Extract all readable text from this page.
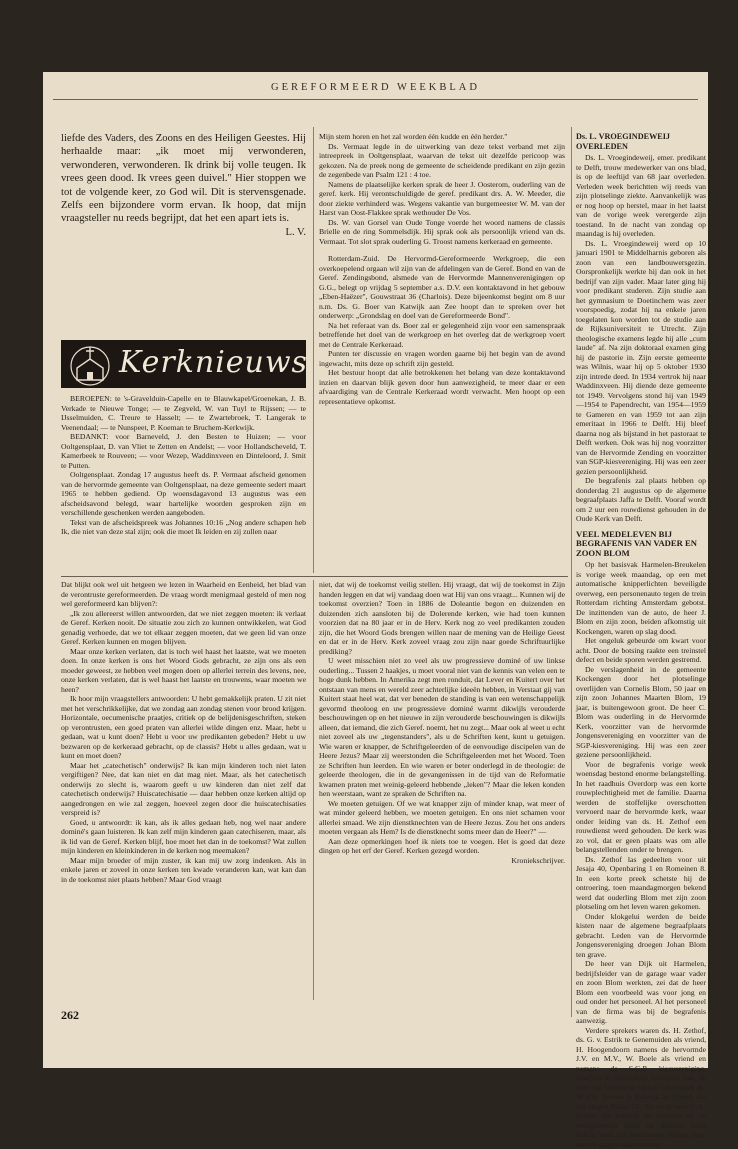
GEREFORMEERD WEEKBLAD

liefde des Vaders, des Zoons en des Heiligen Geestes. Hij herhaalde maar: „ik moet mij verwonderen, verwonderen, verwonderen. Ik drink bij volle teugen. Ik vrees geen dood. Ik vrees geen duivel." Hier stoppen we tot de volgende keer, zo God wil. Dit is stervensgenade. Zelfs een bijzondere vorm ervan. Ik hoop, dat mijn vraagsteller nu reeds begrijpt, dat het een apart iets is.

L. V.

Kerknieuws

BEROEPEN: te 's-Gravelduin-Capelle en te Blauwkapel/Groenekan, J. B. Verkade te Nieuwe Tonge; — te Zegveld, W. van Tuyl te Rijssen; — te IJsselmuiden, C. Treure te Hasselt; — te Zwartebroek, T. Langerak te Veenendaal; — te Nunspeet, P. Koeman te Bruchem-Kerkwijk.

BEDANKT: voor Barneveld, J. den Besten te Huizen; — voor Ooltgensplaat, D. van Vliet te Zetten en Andelst; — voor Hollandscheveld, T. Kamerbeek te Rouveen; — voor Wezep, Waddinxveen en Dinteloord, J. Smit te Putten.

Ooltgensplaat. Zondag 17 augustus heeft ds. P. Vermaat afscheid genomen van de hervormde gemeente van Ooltgensplaat, na deze gemeente sedert maart 1965 te hebben gediend. Op woensdagavond 13 augustus was een afscheidsavond belegd, waar hartelijke woorden gesproken zijn en verschillende geschenken werden aangeboden.

Tekst van de afscheidspreek was Johannes 10:16 „Nog andere schapen heb Ik, die niet van deze stal zijn; ook die moet Ik leiden en zij zullen naar

Mijn stem horen en het zal worden één kudde en één herder."

Ds. Vermaat legde in de uitwerking van deze tekst verband met zijn intreepreek in Ooltgensplaat, waarvan de tekst uit dezelfde pericoop was gekozen. Na de preek nong de gemeente de scheidende predikant en zijn gezin de zegenbede van Psalm 121 : 4 toe.

Namens de plaatselijke kerken sprak de heer J. Oosterom, ouderling van de geref. kerk. Hij verontschuldigde de geref. predikant drs. A. W. Meeder, die door ziekte verhinderd was. Wegens vakantie van burgemeester W. M. van der Harst van Oost-Flakkee sprak wethouder De Vos.

Ds. W. van Gorsel van Oude Tonge voerde het woord namens de classis Brielle en de ring Sommelsdijk. Hij sprak ook als persoonlijk vriend van ds. Vermaat. Tot slot sprak ouderling G. Troost namens kerkeraad en gemeente.

Rotterdam-Zuid. De Hervormd-Gereformeerde Werkgroep, die een overkoepelend orgaan wil zijn van de afdelingen van de Geref. Bond en van de Geref. Zendingsbond, alsmede van de Hervormde Mannenverenigingen op G.G., belegt op vrijdag 5 september a.s. D.V. een kontaktavond in het gebouw „Eben-Haëzer", Gouwstraat 36 (Charlois). Deze bijeenkomst begint om 8 uur n.m. Ds. G. Boer van Katwijk aan Zee hoopt dan te spreken over het onderwerp: „Grondslag en doel van de Gereformeerde Bond".

Na het referaat van ds. Boer zal er gelegenheid zijn voor een samenspraak betreffende het doel van de werkgroep en het overleg dat de werkgroep voert met de Centrale Kerkeraad.

Punten ter discussie en vragen worden gaarne bij het begin van de avond ingewacht, mits deze op schrift zijn gesteld.

Het bestuur hoopt dat alle betrokkenen het belang van deze kontaktavond inzien en daarvan blijk geven door hun aanwezigheid, te meer daar er een afvaardiging van de Centrale Kerkeraad wordt verwacht. Men hoopt op een representatieve opkomst.

Ds. L. VROEGINDEWEIJ OVERLEDEN

Ds. L. Vroegindeweij, emer. predikant te Delft, trouw medewerker van ons blad, is op de leeftijd van 68 jaar overleden. Verleden week berichtten wij reeds van zijn plotselinge ziekte. Aanvankelijk was er nog hoop op herstel, maar in het laatst van de vorige week verergerde zijn toestand. In de nacht van zondag op maandag is hij overleden.

Ds. L. Vroegindeweij werd op 10 januari 1901 te Middelharnis geboren als zoon van een landbouwersgezin. Oorspronkelijk werkte hij dan ook in het bedrijf van zijn vader. Maar later ging hij voor predikant studeren. Zijn studie aan het gymnasium te Doetinchem was zeer voorspoedig, zodat hij na enkele jaren toegelaten kon worden tot de studie aan de Rijksuniversiteit te Utrecht. Zijn theologische examens legde hij alle „cum laude" af. Na zijn doktoraal examen ging hij de pastorie in. Zijn eerste gemeente was Wilnis, waar hij op 5 oktober 1930 zijn intrede deed. In 1934 vertrok hij naar Waddinxveen. Hij diende deze gemeente tot 1949. Vervolgens stond hij van 1949—1954 te Papendrecht, van 1954—1959 te Gameren en van 1959 tot aan zijn emeritaat in 1966 te Delft. Hij bleef daarna nog als bijstand in het pastoraat te Delft werken. Ook was hij nog voorzitter van de Hervormde Zending en voorzitter van SGP-kiesvereniging. Hij was een zeer gezien persoonlijkheid.

De begrafenis zal plaats hebben op donderdag 21 augustus op de algemene begraafplaats Jaffa te Delft. Vooraf wordt om 2 uur een rouwdienst gehouden in de Oude Kerk van Delft.

VEEL MEDELEVEN BIJ BEGRAFENIS VAN VADER EN ZOON BLOM

Op het basisvak Harmelen-Breukelen is vorige week maandag, op een met automatische knipperlichten beveiligde overweg, een personenauto tegen de trein Rotterdam richting Amsterdam gebotst. De inzittenden van de auto, de heer J. Blom en zijn zoon, beiden afkomstig uit Kockengen, waren op slag dood.

Het ongeluk gebeurde om kwart voor acht. Door de botsing raakte een treinstel defect en beide sporen werden gestremd.

De verslagenheid in de gemeente Kockengen door het plotselinge overlijden van Cornelis Blom, 50 jaar en zijn zoon Johannes Maarten Blom, 19 jaar, is buitengewoon groot. De heer C. Blom was ouderling in de Hervormde Kerk, voorzitter van de hervormde Jongensvereniging en voorzitter van de SGP-kiesvereniging. Hij was een zeer geziene persoonlijkheid.

Voor de begrafenis vorige week woensdag bestond enorme belangstelling. In het raadhuis Overdorp was een korte rouwplechtigheid met de familie. Daarna werden de stoffelijke overschotten vervoerd naar de hervormde kerk, waar onder leiding van ds. H. Zethof een rouwdienst werd gehouden. De kerk was zo vol, dat er geen plaats was om alle belangstellenden onder te brengen.

Ds. Zethof las gedeelten voor uit Jesaja 40, Openbaring 1 en Romeinen 8. In een korte preek schetste hij de ontroering, toen maandagmorgen bekend werd dat ouderling Blom met zijn zoon plotseling om het leven waren gekomen.

Onder klokgelui werden de beide kisten naar de algemene begraafplaats gebracht. Leden van de Hervormde Jongensvereniging droegen Johan Blom ten grave.

De heer van Dijk uit Harmelen, bedrijfsleider van de garage waar vader en zoon Blom werkten, zei dat de heer Blom een voorbeeld was voor jong en oud onder het personeel. Al het personeel van de firma was bij de begrafenis aanwezig.

Verdere sprekers waren ds. H. Zethof, ds. G. v. Estrik te Genemuiden als vriend, H. Hoogendoorn namens de hervormde J.V. en M.V., W. Boele als vriend en namens de S.G.P. kiesvereniging, waarvan de overledene voorzitter was, de heer van Utrecht te Utrecht als vriend, ds. W. Chr. Hovius te Katwijk als vriend, die liet zingen Psalm 73 : 13, en de heer C. L. Koten, die namens de weduwe en de overgebleven zoon en dochter dank bracht voor het medeleven tijdens deze droeve dagen ondervonden.

Dat blijkt ook wel uit hetgeen we lezen in Waarheid en Eenheid, het blad van de verontruste gereformeerden. De vraag wordt menigmaal gesteld of men nog wel gereformeerd kan blijven?:

„Ik zou allereerst willen antwoorden, dat we niet zeggen moeten: ik verlaat de Geref. Kerken nooit. De situatie zou zich zo kunnen ontwikkelen, wat God genadig verhoede, dat we tot elkaar zeggen moeten, dat we geen lid van onze Geref. Kerken kunnen en mogen blijven.

Maar onze kerken verlaten, dat is toch wel haast het laatste, wat we moeten doen. In onze kerken is ons het Woord Gods gebracht, ze zijn ons als een moeder geweest, ze hebben veel mogen doen op allerlei terrein des levens, nee, onze kerken verlaten, dat is wel haast het laatste en trouwens, waar moeten we heen?

Ik hoor mijn vraagstellers antwoorden: U hebt gemakkelijk praten. U zit niet met het verschrikkelijke, dat we zondag aan zondag stenen voor brood krijgen. Horizontale, oecumenische praatjes, critiek op de belijdenisgeschriften, steken op verontrusten, een goed praten van allerlei wilde dingen enz. Maar, hebt u gedaan, wat u kunt doen? Hebt u voor uw predikanten gebeden? Hebt u uw bezwaren op de kerkeraad gebracht, op de classis? Hebt u alles gedaan, wat u kunt en moet doen?

Maar het „catechetisch" onderwijs? Ik kan mijn kinderen toch niet laten vergiftigen? Nee, dat kan niet en dat mag niet. Maar, als het catechetisch onderwijs zo slecht is, waarom geeft u uw kinderen dan niet zelf dat catechetisch onderwijs? Huiscatechisatie — daar hebben onze kerken altijd op aangedrongen en wie zal zeggen, hoeveel zegen door die huiscatechisaties verspreid is?

Goed, u antwoordt: ik kan, als ik alles gedaan heb, nog wel naar andere dominé's gaan luisteren. Ik kan zelf mijn kinderen gaan catechiseren, maar, als ik lid van de Geref. Kerken blijf, hoe moet het dan in de toekomst? Wat zullen mijn kinderen en kleinkinderen in de kerken nog meemaken?

Maar mijn broeder of mijn zuster, ik kan mij uw zorg indenken. Als in enkele jaren er zoveel in onze kerken ten kwade veranderen kan, wat kan dan in de toekomst niet plaats hebben? Maar God vraagt

niet, dat wij de toekomst veilig stellen. Hij vraagt, dat wij de toekomst in Zijn handen leggen en dat wij vandaag doen wat Hij van ons vraagt... Kunnen wij de toekomst overzien? Toen in 1886 de Doleantie begon en duizenden en duizenden zich aansloten bij de Dolerende kerken, wie had toen kunnen voorzien dat na 80 jaar er in de Herv. Kerk nog zo veel predikanten zouden zijn, die het Woord Gods brengen willen naar de mening van de Heilige Geest en dat er in de Herv. Kerk zoveel vraag zou zijn naar goede Schriftuurlijke prediking?

U weet misschien niet zo veel als uw progressieve dominé of uw linkse ouderling... Tussen 2 haakjes, u moet vooral niet van de kennis van velen een te hoge dunk hebben. In Amerika zegt men ronduit, dat Lever en Kuitert over het ontstaan van mens en wereld zeer achterlijke ideeën hebben, in Verstaat gij van Kuitert staat heel wat, dat ver beneden de standing is van een wetenschappelijk gevormd theoloog en uw progressieve dominé warmt dikwijls verouderde beschouwingen op en het nieuwe in zijn verouderde beschouwingen is dikwijls alleen, dat iemand, die zich Geref. noemt, het nu zegt... Maar ook al weet u echt niet zoveel als uw „tegenstanders", als u de Schriften kent, kunt u getuigen. Wie waren er knapper, de Schriftgeleerden of de eenvoudige discipelen van de Heere Jezus? Maar zij weerstonden die Schriftgeleerden met het Woord. Toen ze Schriften hun leerden. En wie waren er beter onderlegd in de theologie: de geleerde theologen, die in de gevangenissen in de tijd van de Reformatie kwamen praten met weinig-geleerd hebbende „leken"? Maar die leken konden hen weerstaan, want ze spraken de Schriften na.

We moeten getuigen. Of we wat knapper zijn of minder knap, wat meer of wat minder geleerd hebben, we moeten getuigen. En ons niet schamen voor allerlei smaad. We zijn dienstknechten van de Heere Jezus. Zou het ons anders moeten vergaan als Hem? Is de dienstknecht soms meer dan de Heer?" —

Aan deze opmerkingen hoef ik niets toe te voegen. Het is goed dat deze dingen op het erf der Geref. Kerken gezegd worden.

Kroniekschrijver.

262
